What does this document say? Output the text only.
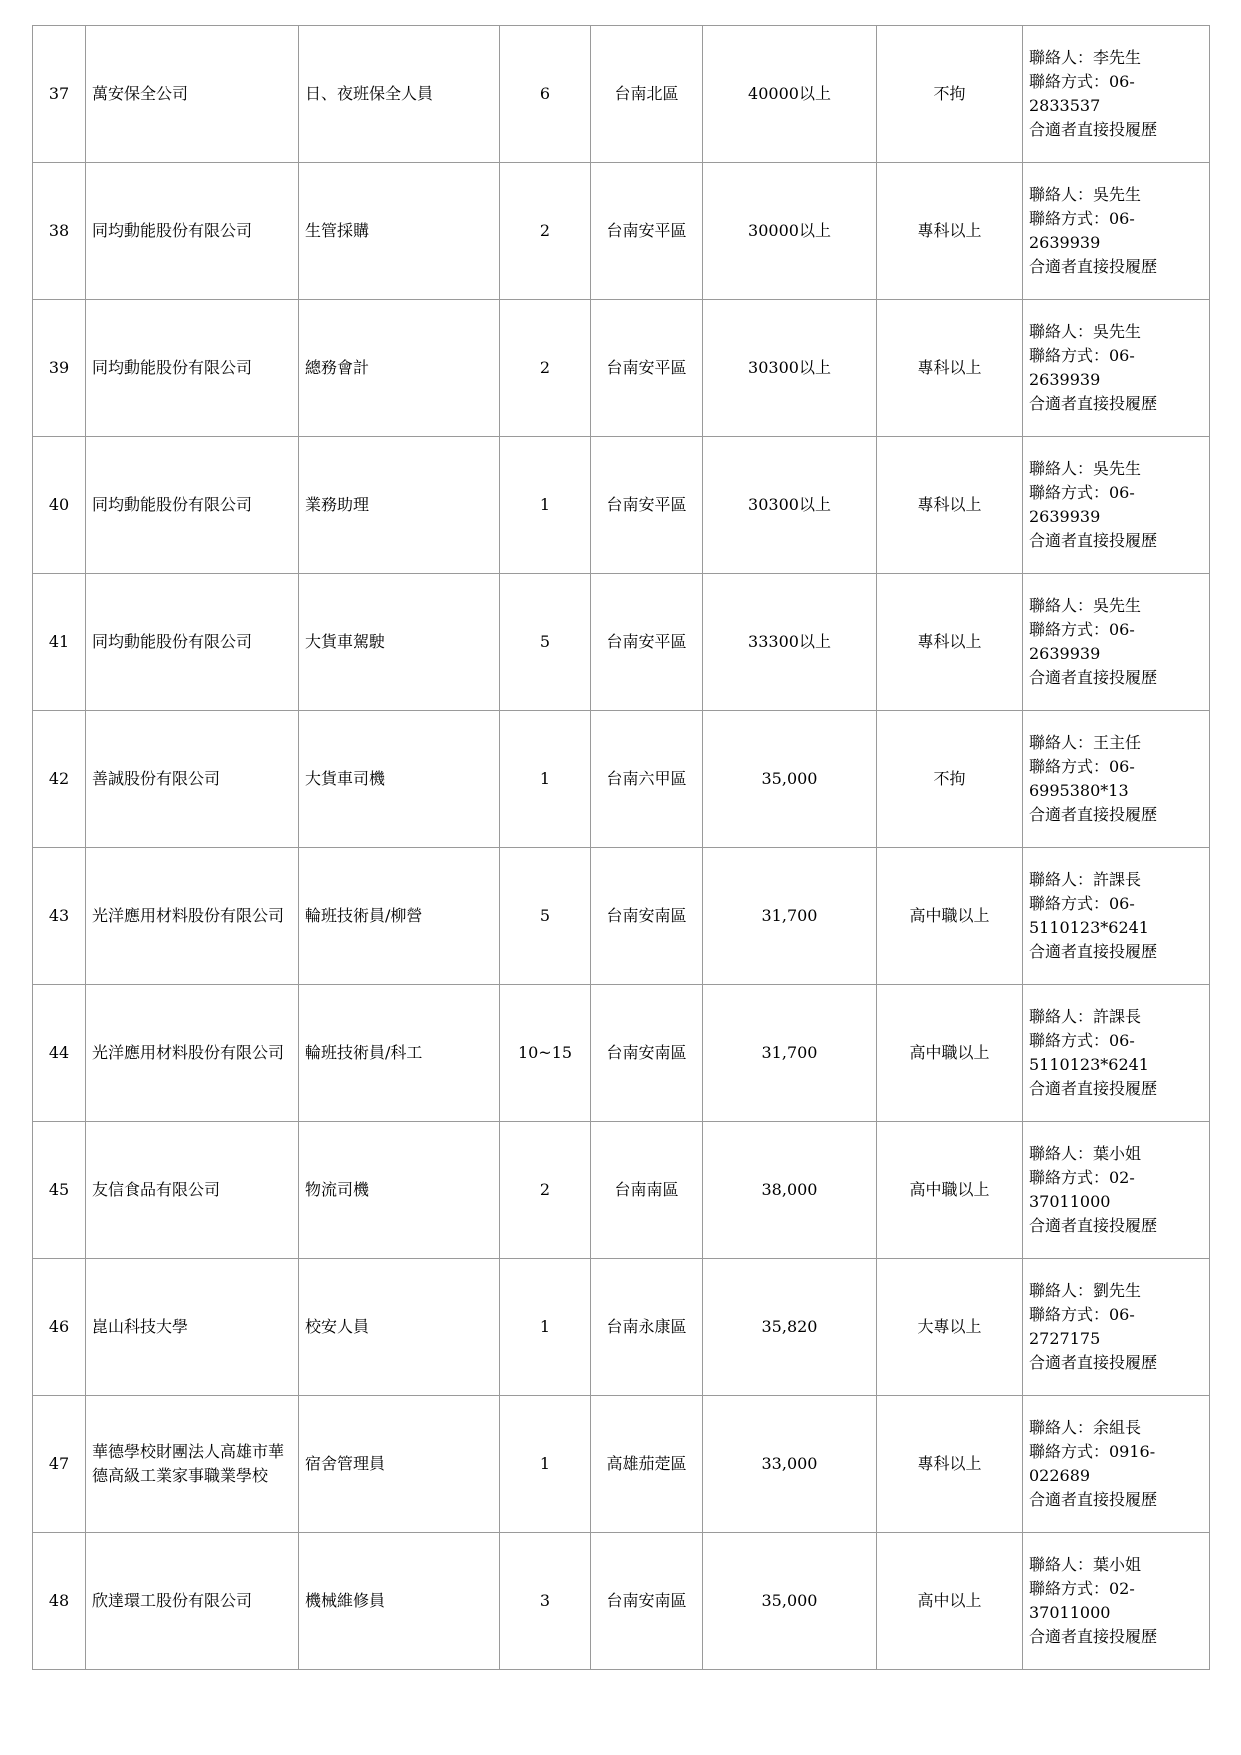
37	萬安保全公司	日、夜班保全人員	6	台南北區	40000以上	不拘	聯絡人：李先生
聯絡方式：06-
2833537
合適者直接投履歷

38	同均動能股份有限公司	生管採購	2	台南安平區	30000以上	專科以上	聯絡人：吳先生
聯絡方式：06-
2639939
合適者直接投履歷

39	同均動能股份有限公司	總務會計	2	台南安平區	30300以上	專科以上	聯絡人：吳先生
聯絡方式：06-
2639939
合適者直接投履歷

40	同均動能股份有限公司	業務助理	1	台南安平區	30300以上	專科以上	聯絡人：吳先生
聯絡方式：06-
2639939
合適者直接投履歷

41	同均動能股份有限公司	大貨車駕駛	5	台南安平區	33300以上	專科以上	聯絡人：吳先生
聯絡方式：06-
2639939
合適者直接投履歷

42	善誠股份有限公司	大貨車司機	1	台南六甲區	35,000	不拘	聯絡人：王主任
聯絡方式：06-
6995380*13
合適者直接投履歷

43	光洋應用材料股份有限公司	輪班技術員/柳營	5	台南安南區	31,700	高中職以上	聯絡人：許課長
聯絡方式：06-
5110123*6241
合適者直接投履歷

44	光洋應用材料股份有限公司	輪班技術員/科工	10~15	台南安南區	31,700	高中職以上	聯絡人：許課長
聯絡方式：06-
5110123*6241
合適者直接投履歷

45	友信食品有限公司	物流司機	2	台南南區	38,000	高中職以上	聯絡人：葉小姐
聯絡方式：02-
37011000
合適者直接投履歷

46	崑山科技大學	校安人員	1	台南永康區	35,820	大專以上	聯絡人：劉先生
聯絡方式：06-
2727175
合適者直接投履歷

47	華德學校財團法人高雄市華德高級工業家事職業學校	宿舍管理員	1	高雄茄萣區	33,000	專科以上	聯絡人：余組長
聯絡方式：0916-
022689
合適者直接投履歷

48	欣達環工股份有限公司	機械維修員	3	台南安南區	35,000	高中以上	聯絡人：葉小姐
聯絡方式：02-
37011000
合適者直接投履歷
